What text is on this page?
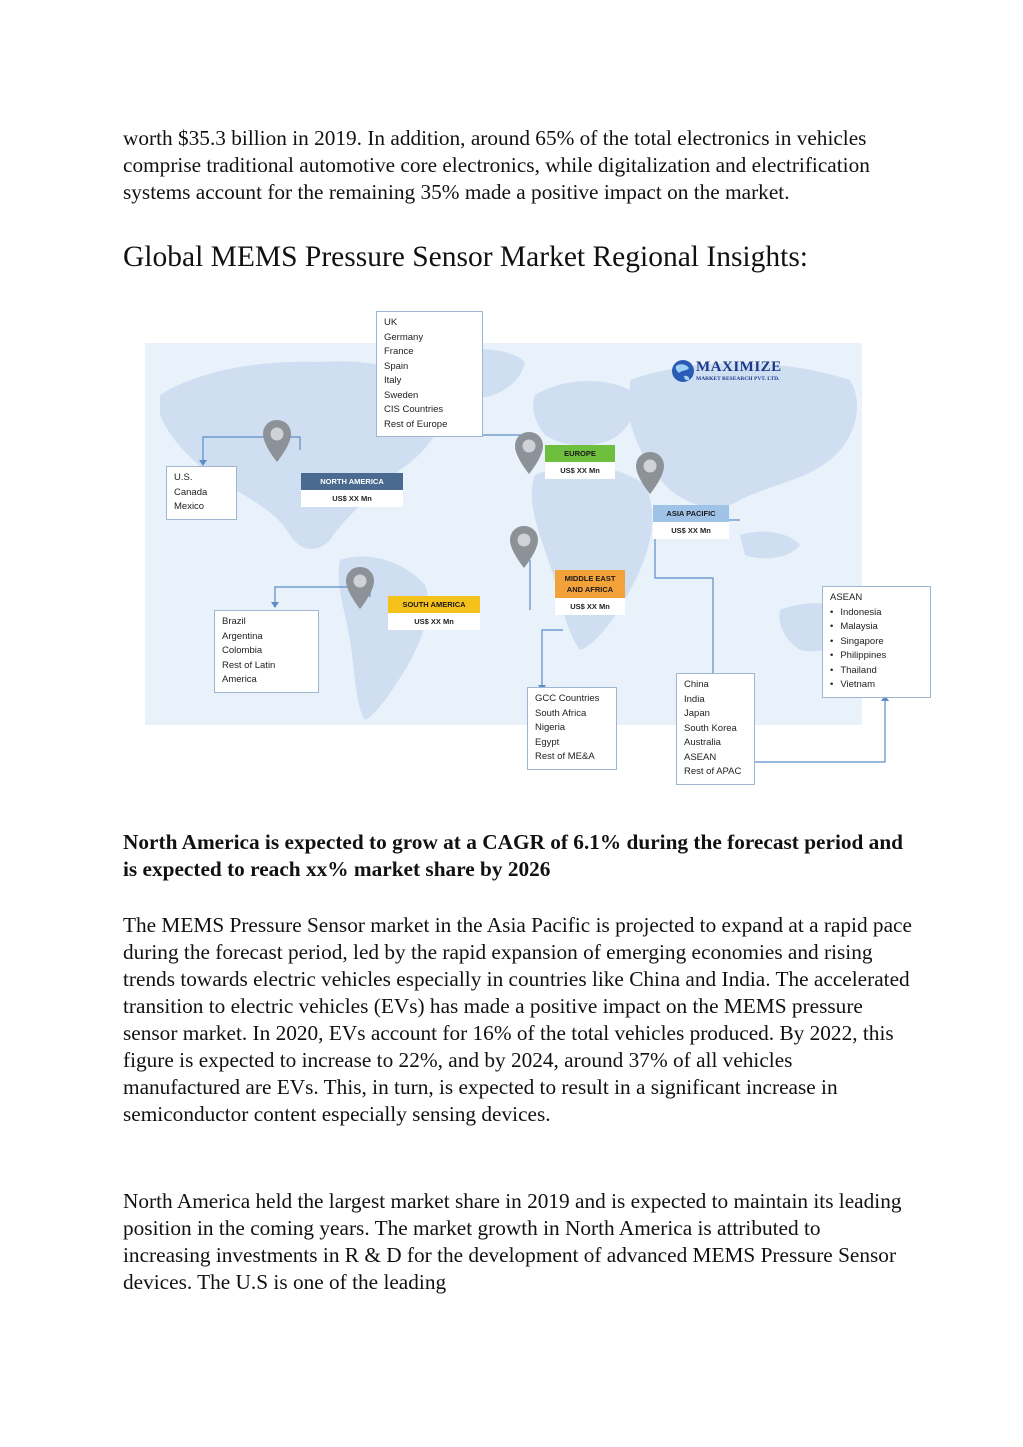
worth $35.3 billion in 2019. In addition, around 65% of the total electronics in vehicles comprise traditional automotive core electronics, while digitalization and electrification systems account for the remaining 35% made a positive impact on the market.

Global MEMS Pressure Sensor Market Regional Insights:
MAXIMIZE
MARKET RESEARCH PVT. LTD.
NORTH AMERICA
US$ XX Mn
EUROPE
US$ XX Mn
ASIA PACIFIC
US$ XX Mn
MIDDLE EAST AND AFRICA
US$ XX Mn
SOUTH AMERICA
US$ XX Mn
U.S.
Canada
Mexico
UK
Germany
France
Spain
Italy
Sweden
CIS Countries
Rest of Europe
Brazil
Argentina
Colombia
Rest of Latin
America
GCC Countries
South Africa
Nigeria
Egypt
Rest of ME&A
China
India
Japan
South Korea
Australia
ASEAN
Rest of APAC
ASEAN
• Indonesia
• Malaysia
• Singapore
• Philippines
• Thailand
• Vietnam

North America is expected to grow at a CAGR of 6.1% during the forecast period and is expected to reach xx% market share by 2026

The MEMS Pressure Sensor market in the Asia Pacific is projected to expand at a rapid pace during the forecast period, led by the rapid expansion of emerging economies and rising trends towards electric vehicles especially in countries like China and India. The accelerated transition to electric vehicles (EVs) has made a positive impact on the MEMS pressure sensor market. In 2020, EVs account for 16% of the total vehicles produced. By 2022, this figure is expected to increase to 22%, and by 2024, around 37% of all vehicles manufactured are EVs. This, in turn, is expected to result in a significant increase in semiconductor content especially sensing devices.

North America held the largest market share in 2019 and is expected to maintain its leading position in the coming years. The market growth in North America is attributed to increasing investments in R & D for the development of advanced MEMS Pressure Sensor devices. The U.S is one of the leading
